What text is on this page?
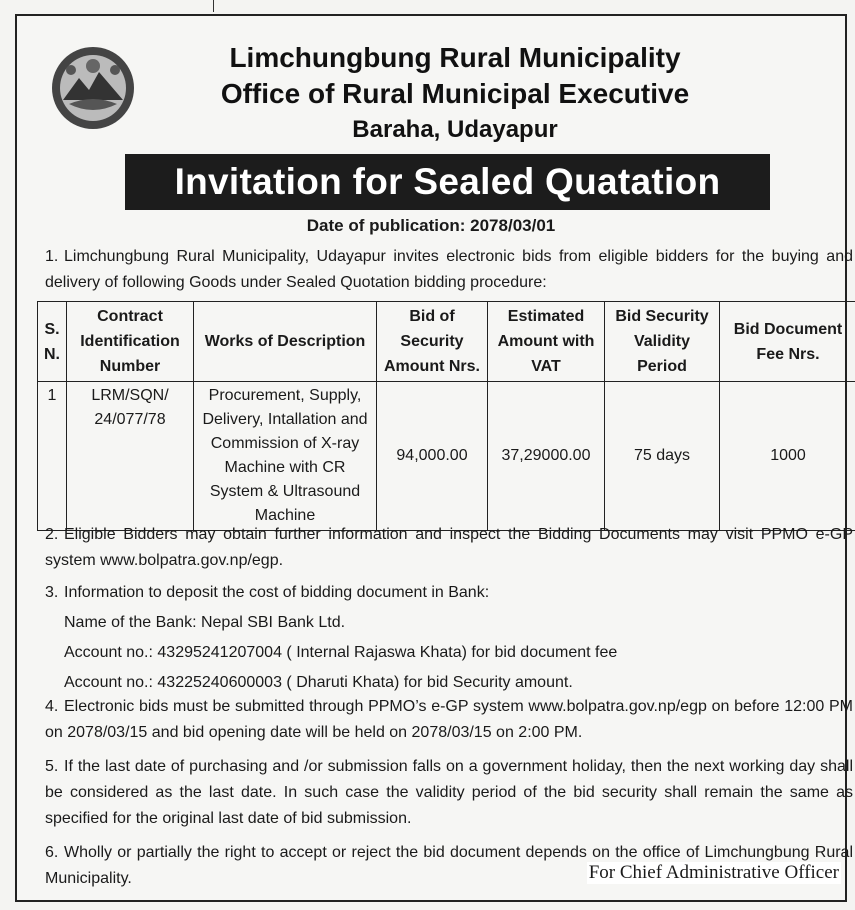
Limchungbung Rural Municipality
Office of Rural Municipal Executive
Baraha, Udayapur
Invitation for Sealed Quatation
Date of publication: 2078/03/01
1. Limchungbung Rural Municipality, Udayapur invites electronic bids from eligible bidders for the buying and delivery of following Goods under Sealed Quotation bidding procedure:
S. N.	Contract Identification Number	Works of Description	Bid of Security Amount Nrs.	Estimated Amount with VAT	Bid Security Validity Period	Bid Document Fee Nrs.
1	LRM/SQN/ 24/077/78	Procurement, Supply, Delivery, Intallation and Commission of X-ray Machine with CR System & Ultrasound Machine	94,000.00	37,29000.00	75 days	1000
2. Eligible Bidders may obtain further information and inspect the Bidding Documents may visit PPMO e-GP system www.bolpatra.gov.np/egp.
3. Information to deposit the cost of bidding document in Bank:
Name of the Bank: Nepal SBI Bank Ltd.
Account no.: 43295241207004 ( Internal Rajaswa Khata) for bid document fee
Account no.: 43225240600003 ( Dharuti Khata) for bid Security amount.
4. Electronic bids must be submitted through PPMO’s e-GP system www.bolpatra.gov.np/egp on before 12:00 PM on 2078/03/15 and bid opening date will be held on 2078/03/15 on 2:00 PM.
5. If the last date of purchasing and /or submission falls on a government holiday, then the next working day shall be considered as the last date. In such case the validity period of the bid security shall remain the same as specified for the original last date of bid submission.
6. Wholly or partially the right to accept or reject the bid document depends on the office of Limchungbung Rural Municipality.	For Chief Administrative Officer
